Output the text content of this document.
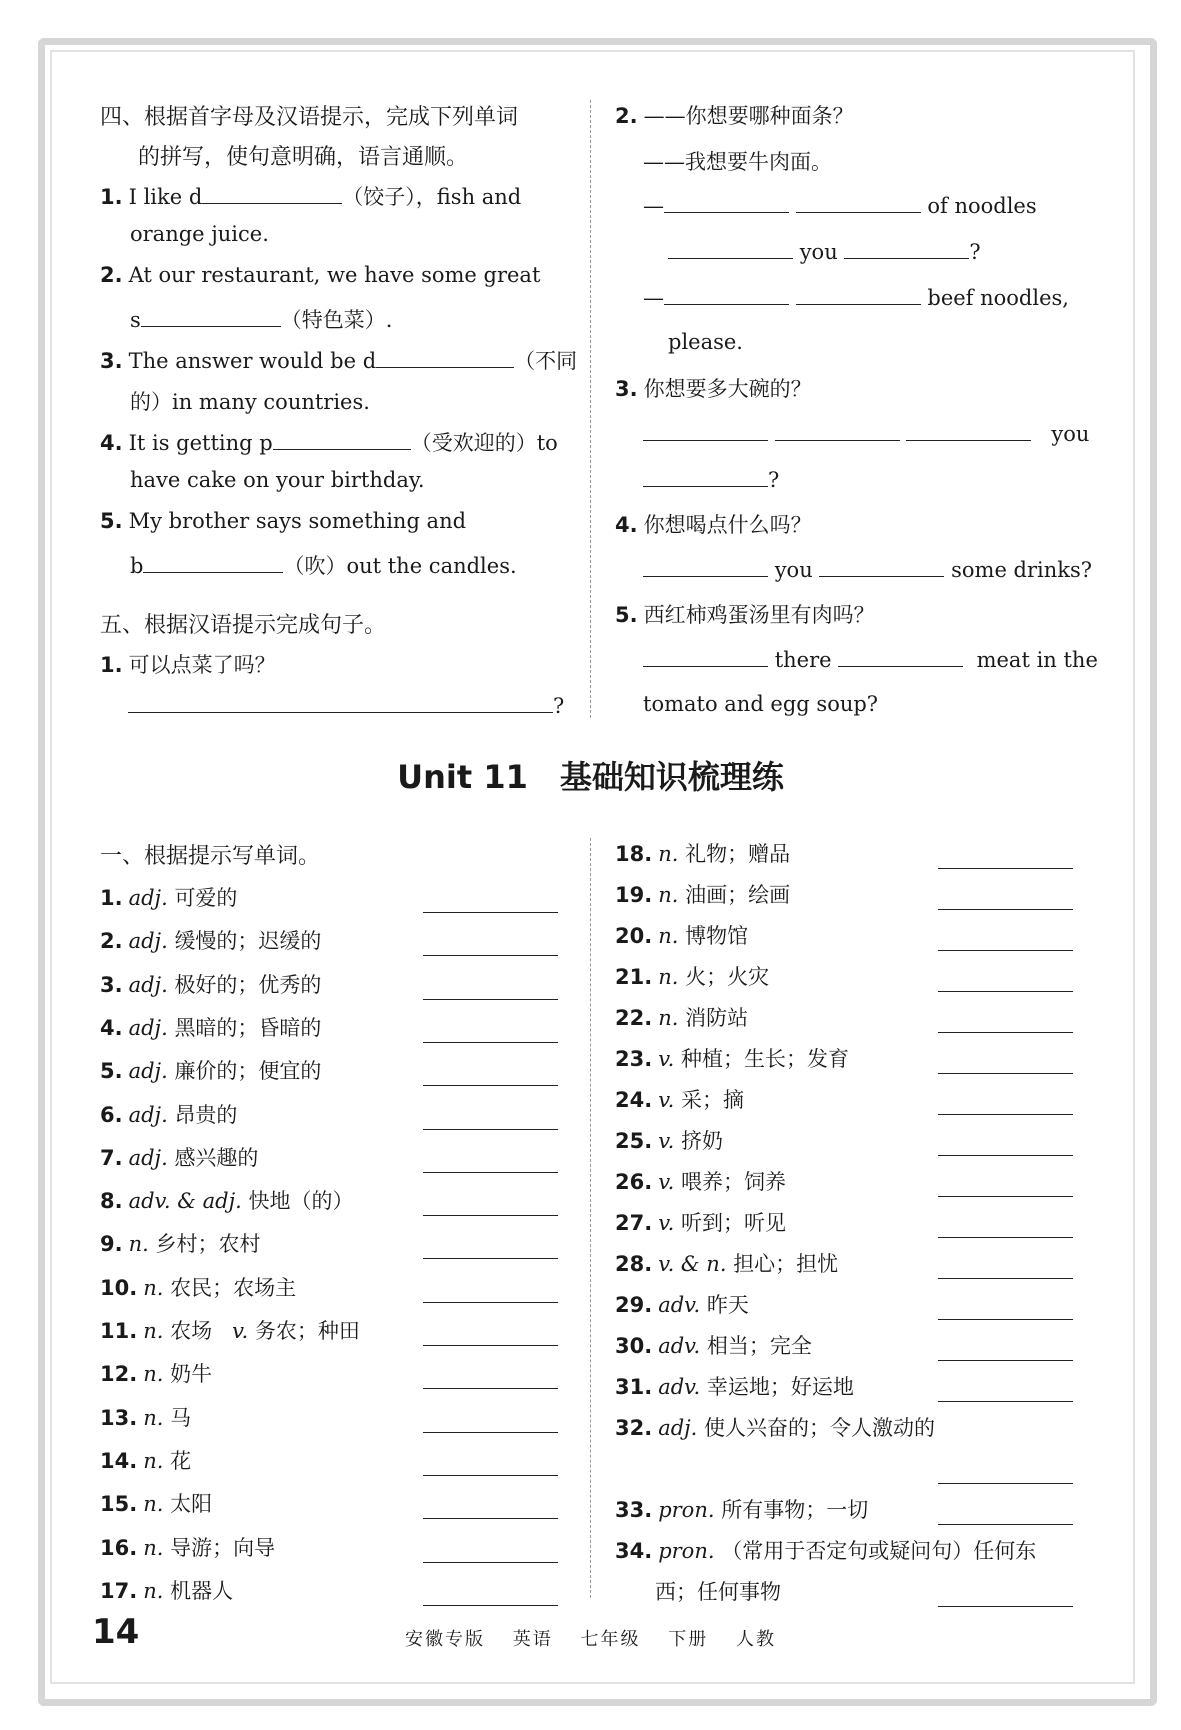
四、根据首字母及汉语提示，完成下列单词
的拼写，使句意明确，语言通顺。
1. I like d	（饺子），fish and
orange juice.
2. At our restaurant, we have some great
s	（特色菜）.
3. The answer would be d	（不同
的）in many countries.
4. It is getting p	（受欢迎的）to
have cake on your birthday.
5. My brother says something and
b	（吹）out the candles.
五、根据汉语提示完成句子。
1. 可以点菜了吗？
?
2. ——你想要哪种面条？
——我想要牛肉面。
—	of noodles
you	?
—	beef noodles,
please.
3. 你想要多大碗的？
you
?
4. 你想喝点什么吗？
you	some drinks?
5. 西红柿鸡蛋汤里有肉吗？
there	meat in the
tomato and egg soup?
Unit 11　基础知识梳理练
一、根据提示写单词。
1. adj. 可爱的
2. adj. 缓慢的；迟缓的
3. adj. 极好的；优秀的
4. adj. 黑暗的；昏暗的
5. adj. 廉价的；便宜的
6. adj. 昂贵的
7. adj. 感兴趣的
8. adv. & adj. 快地（的）
9. n. 乡村；农村
10. n. 农民；农场主
11. n. 农场 v. 务农；种田
12. n. 奶牛
13. n. 马
14. n. 花
15. n. 太阳
16. n. 导游；向导
17. n. 机器人
18. n. 礼物；赠品
19. n. 油画；绘画
20. n. 博物馆
21. n. 火；火灾
22. n. 消防站
23. v. 种植；生长；发育
24. v. 采；摘
25. v. 挤奶
26. v. 喂养；饲养
27. v. 听到；听见
28. v. & n. 担心；担忧
29. adv. 昨天
30. adv. 相当；完全
31. adv. 幸运地；好运地
32. adj. 使人兴奋的；令人激动的
33. pron. 所有事物；一切
34. pron. （常用于否定句或疑问句）任何东
西；任何事物
14	安徽专版 英语 七年级 下册 人教
